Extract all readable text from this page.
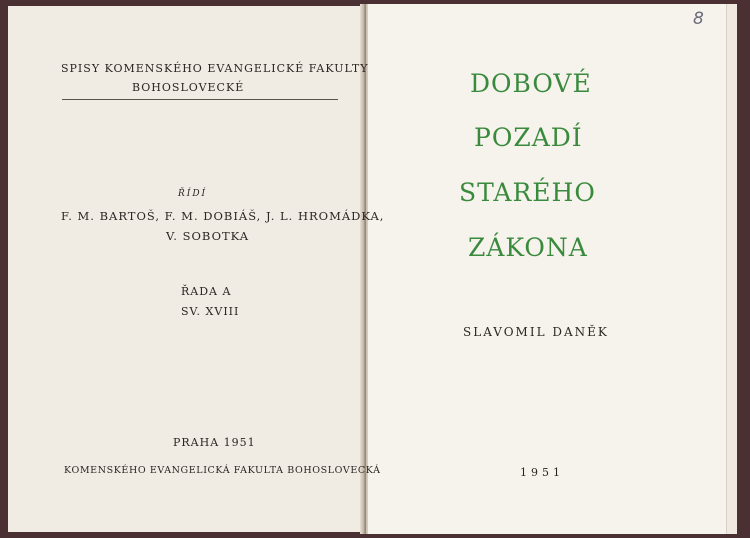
SPISY KOMENSKÉHO EVANGELICKÉ FAKULTY
BOHOSLOVECKÉ
ŘÍDÍ
F. M. BARTOŠ, F. M. DOBIÁŠ, J. L. HROMÁDKA,
V. SOBOTKA
ŘADA A
SV. XVIII
PRAHA 1951
KOMENSKÉHO EVANGELICKÁ FAKULTA BOHOSLOVECKÁ
DOBOVÉ
POZADÍ
STARÉHO
ZÁKONA
SLAVOMIL DANĚK
1951
8
